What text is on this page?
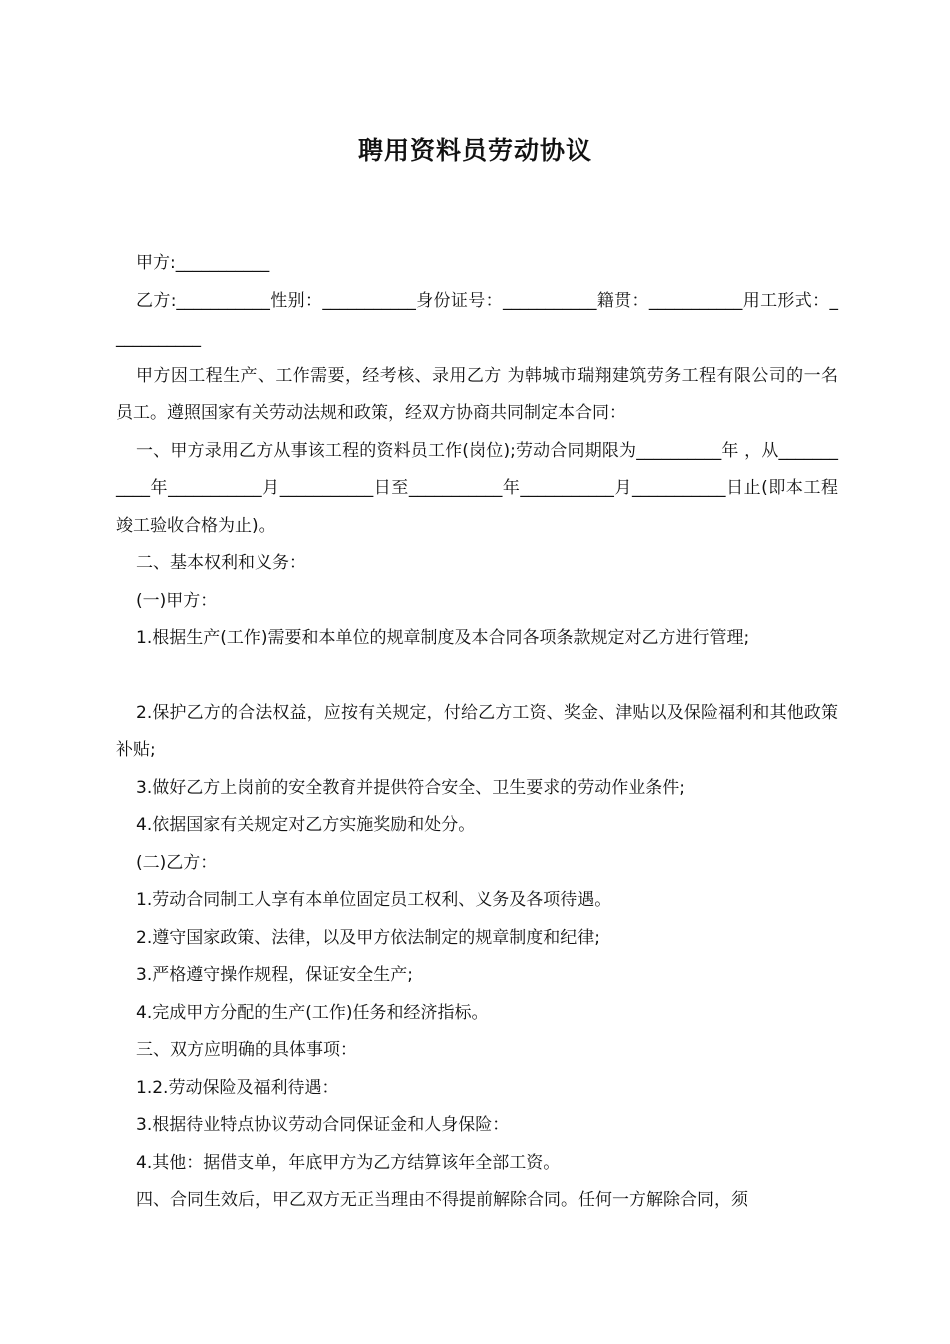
聘用资料员劳动协议

甲方:___________

乙方:___________性别：___________身份证号：___________籍贯：___________用工形式：___________

甲方因工程生产、工作需要，经考核、录用乙方 为韩城市瑞翔建筑劳务工程有限公司的一名员工。遵照国家有关劳动法规和政策，经双方协商共同制定本合同：

一、甲方录用乙方从事该工程的资料员工作(岗位);劳动合同期限为__________年 ，从___________年___________月___________日至___________年___________月___________日止(即本工程竣工验收合格为止)。

二、基本权利和义务：

(一)甲方：

1.根据生产(工作)需要和本单位的规章制度及本合同各项条款规定对乙方进行管理;

2.保护乙方的合法权益，应按有关规定，付给乙方工资、奖金、津贴以及保险福利和其他政策补贴;

3.做好乙方上岗前的安全教育并提供符合安全、卫生要求的劳动作业条件;

4.依据国家有关规定对乙方实施奖励和处分。

(二)乙方：

1.劳动合同制工人享有本单位固定员工权利、义务及各项待遇。

2.遵守国家政策、法律，以及甲方依法制定的规章制度和纪律;

3.严格遵守操作规程，保证安全生产;

4.完成甲方分配的生产(工作)任务和经济指标。

三、双方应明确的具体事项：

1.2.劳动保险及福利待遇：

3.根据待业特点协议劳动合同保证金和人身保险：

4.其他：据借支单，年底甲方为乙方结算该年全部工资。

四、合同生效后，甲乙双方无正当理由不得提前解除合同。任何一方解除合同，须
